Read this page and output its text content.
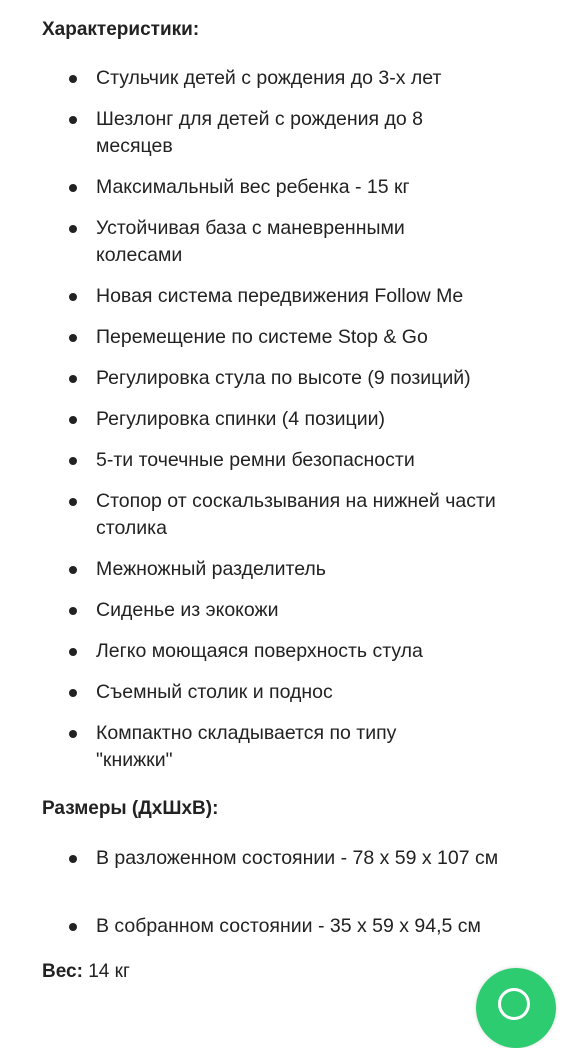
Характеристики:
Стульчик детей с рождения до 3-х лет
Шезлонг для детей с рождения до 8 месяцев
Максимальный вес ребенка - 15 кг
Устойчивая база с маневренными колесами
Новая система передвижения Follow Me
Перемещение по системе Stop & Go
Регулировка стула по высоте (9 позиций)
Регулировка спинки (4 позиции)
5-ти точечные ремни безопасности
Стопор от соскальзывания на нижней части столика
Межножный разделитель
Сиденье из экокожи
Легко моющаяся поверхность стула
Съемный столик и поднос
Компактно складывается по типу "книжки"
Размеры (ДхШхВ):
В разложенном состоянии - 78 х 59 х 107 см
В собранном состоянии - 35 х 59 х 94,5 см
Вес: 14 кг
